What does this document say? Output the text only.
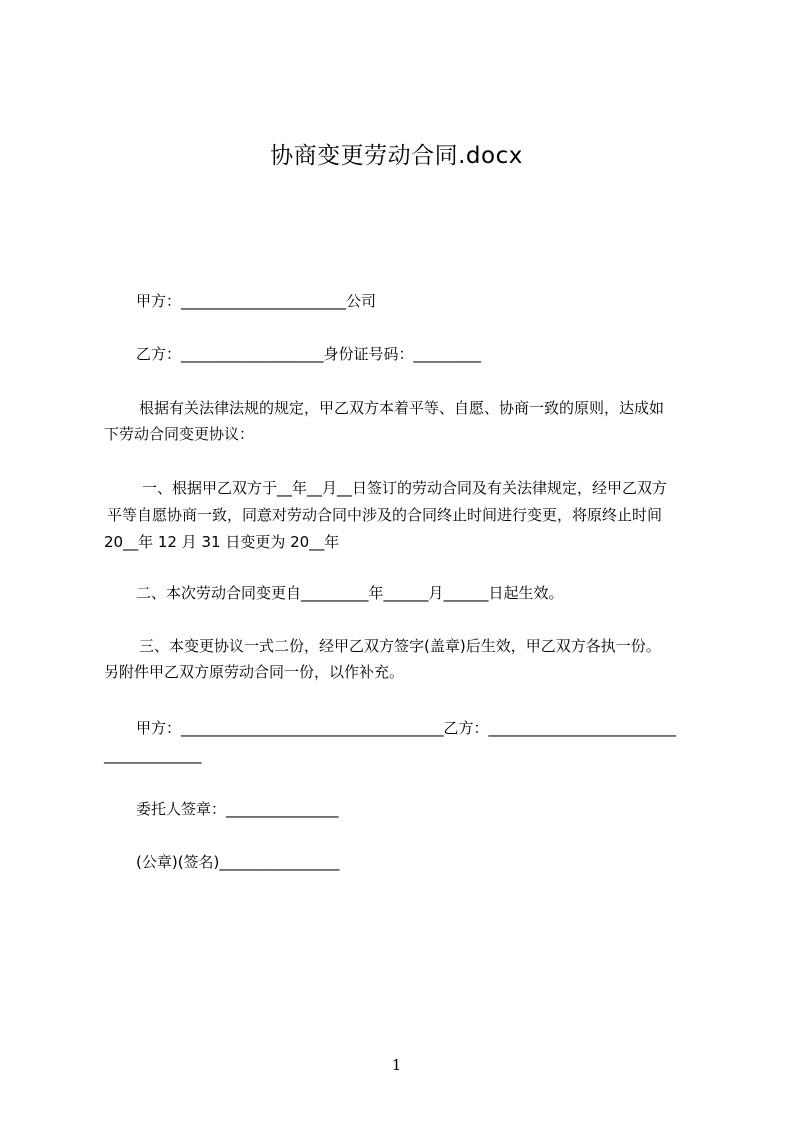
协商变更劳动合同.docx
甲方：______________________公司
乙方：___________________身份证号码：_________
根据有关法律法规的规定，甲乙双方本着平等、自愿、协商一致的原则，达成如
下劳动合同变更协议：
一、根据甲乙双方于__年__月__日签订的劳动合同及有关法律规定，经甲乙双方
平等自愿协商一致，同意对劳动合同中涉及的合同终止时间进行变更，将原终止时间
20__年 12 月 31 日变更为 20__年
二、本次劳动合同变更自_________年______月______日起生效。
三、本变更协议一式二份，经甲乙双方签字(盖章)后生效，甲乙双方各执一份。
另附件甲乙双方原劳动合同一份，以作补充。
甲方：___________________________________乙方：_________________________
_____________
委托人签章：_______________
(公章)(签名)________________
1
